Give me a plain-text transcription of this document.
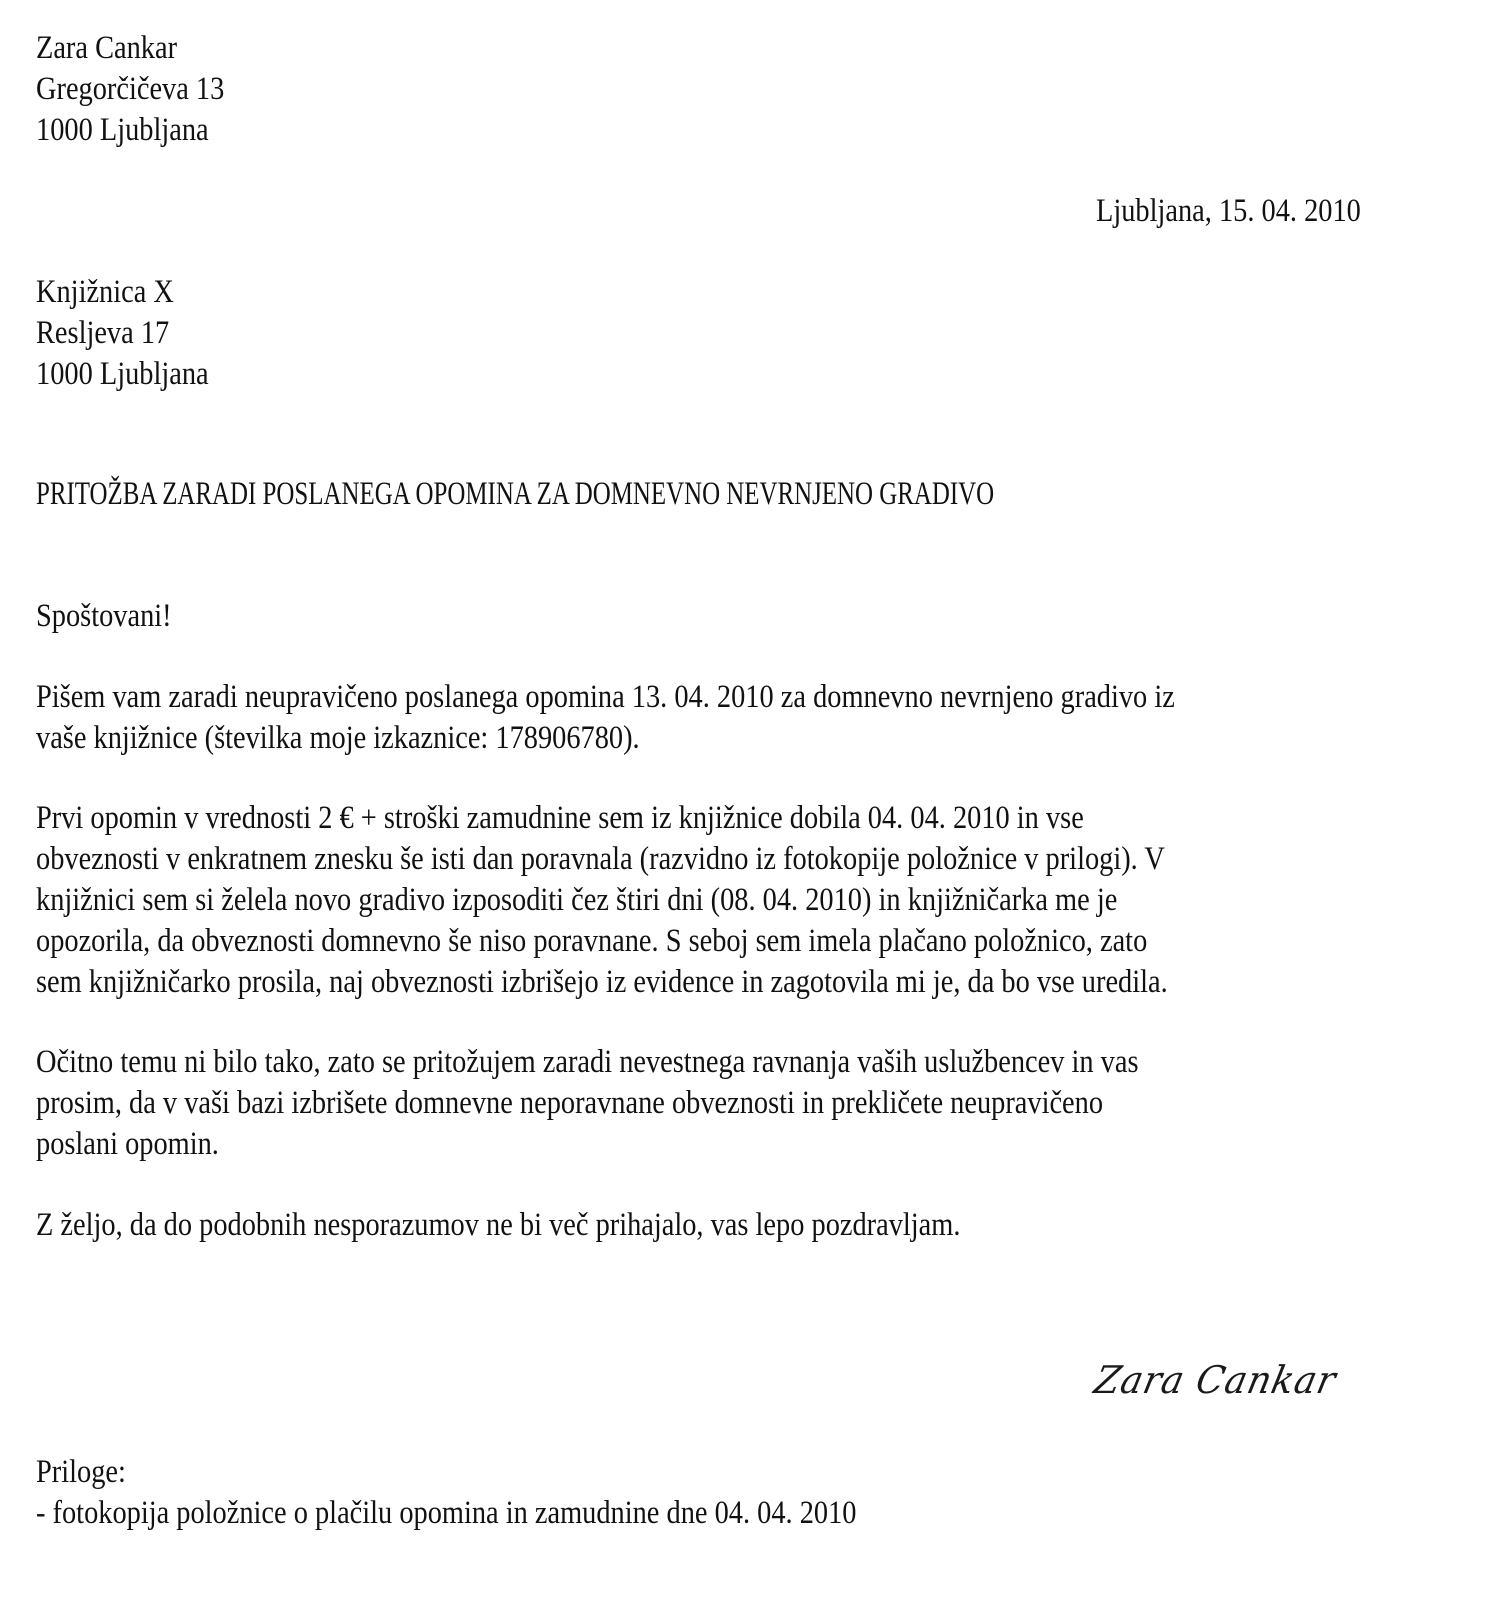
Zara Cankar
Gregorčičeva 13
1000 Ljubljana
Ljubljana, 15. 04. 2010
Knjižnica X
Resljeva 17
1000 Ljubljana
PRITOŽBA ZARADI POSLANEGA OPOMINA ZA DOMNEVNO NEVRNJENO GRADIVO
Spoštovani!
Pišem vam zaradi neupravičeno poslanega opomina 13. 04. 2010 za domnevno nevrnjeno gradivo iz
vaše knjižnice (številka moje izkaznice: 178906780).
Prvi opomin v vrednosti 2 € + stroški zamudnine sem iz knjižnice dobila 04. 04. 2010 in vse
obveznosti v enkratnem znesku še isti dan poravnala (razvidno iz fotokopije položnice v prilogi). V
knjižnici sem si želela novo gradivo izposoditi čez štiri dni (08. 04. 2010) in knjižničarka me je
opozorila, da obveznosti domnevno še niso poravnane. S seboj sem imela plačano položnico, zato
sem knjižničarko prosila, naj obveznosti izbrišejo iz evidence in zagotovila mi je, da bo vse uredila.
Očitno temu ni bilo tako, zato se pritožujem zaradi nevestnega ravnanja vaših uslužbencev in vas
prosim, da v vaši bazi izbrišete domnevne neporavnane obveznosti in prekličete neupravičeno
poslani opomin.
Z željo, da do podobnih nesporazumov ne bi več prihajalo, vas lepo pozdravljam.
Zara Cankar
Priloge:
- fotokopija položnice o plačilu opomina in zamudnine dne 04. 04. 2010
